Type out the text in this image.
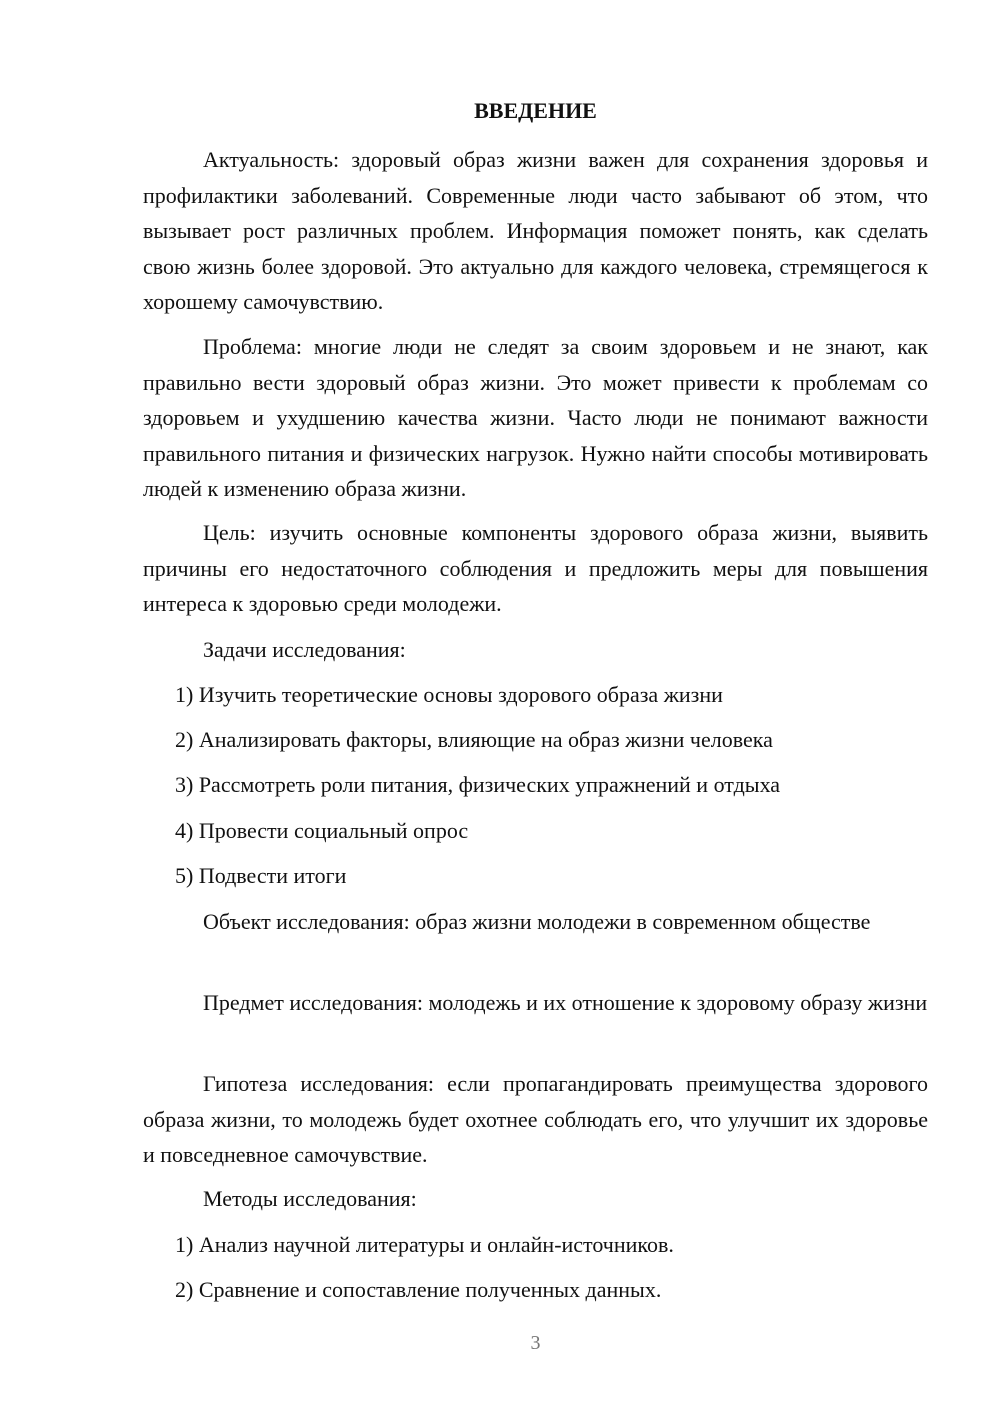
ВВЕДЕНИЕ

Актуальность: здоровый образ жизни важен для сохранения здоровья и профилактики заболеваний. Современные люди часто забывают об этом, что вызывает рост различных проблем. Информация поможет понять, как сделать свою жизнь более здоровой. Это актуально для каждого человека, стремящегося к хорошему самочувствию.

Проблема: многие люди не следят за своим здоровьем и не знают, как правильно вести здоровый образ жизни. Это может привести к проблемам со здоровьем и ухудшению качества жизни. Часто люди не понимают важности правильного питания и физических нагрузок. Нужно найти способы мотивировать людей к изменению образа жизни.

Цель: изучить основные компоненты здорового образа жизни, выявить причины его недостаточного соблюдения и предложить меры для повышения интереса к здоровью среди молодежи.

Задачи исследования:

1) Изучить теоретические основы здорового образа жизни

2) Анализировать факторы, влияющие на образ жизни человека

3) Рассмотреть роли питания, физических упражнений и отдыха

4) Провести социальный опрос

5) Подвести итоги

Объект исследования: образ жизни молодежи в современном обществе

Предмет исследования: молодежь и их отношение к здоровому образу жизни

Гипотеза исследования: если пропагандировать преимущества здорового образа жизни, то молодежь будет охотнее соблюдать его, что улучшит их здоровье и повседневное самочувствие.

Методы исследования:

1) Анализ научной литературы и онлайн-источников.

2) Сравнение и сопоставление полученных данных.

3
